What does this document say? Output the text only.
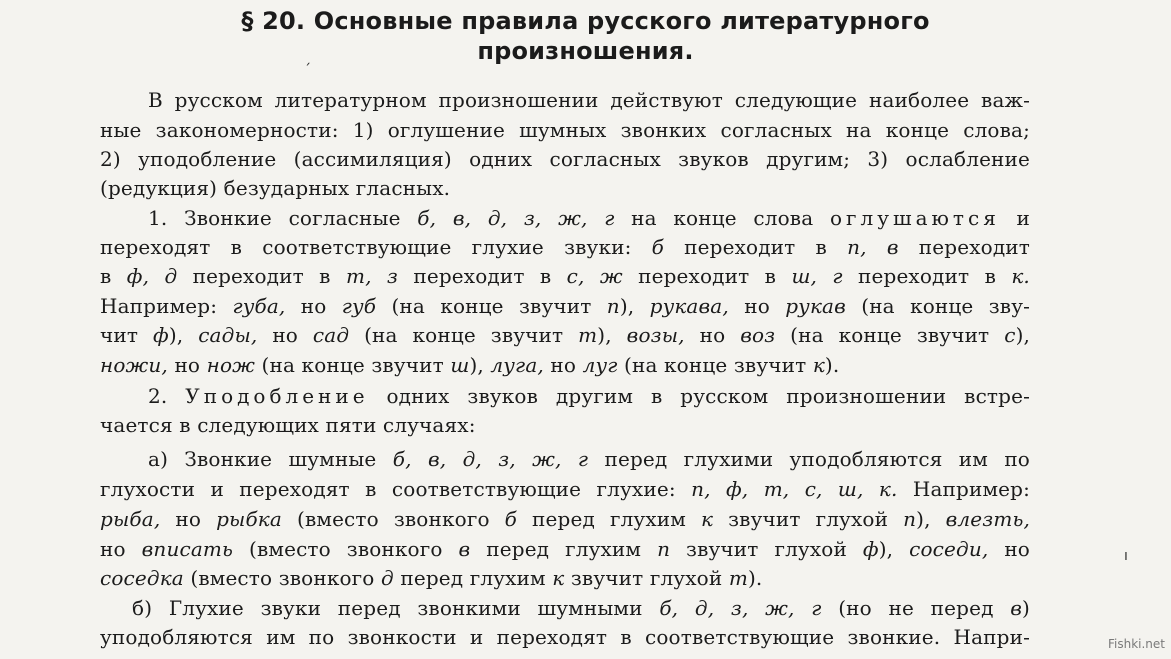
§ 20. Основные правила русского литературного
произношения.
В русском литературном произношении действуют следующие наиболее важ-
ные закономерности: 1) оглушение шумных звонких согласных на конце слова;
2) уподобление (ассимиляция) одних согласных звуков другим; 3) ослабление
(редукция) безударных гласных.
1. Звонкие согласные б, в, д, з, ж, г на конце слова оглушаются и
переходят в соответствующие глухие звуки: б переходит в п, в переходит
в ф, д переходит в т, з переходит в с, ж переходит в ш, г переходит в к.
Например: губа, но губ (на конце звучит п), рукава, но рукав (на конце зву-
чит ф), сады, но сад (на конце звучит т), возы, но воз (на конце звучит с),
ножи, но нож (на конце звучит ш), луга, но луг (на конце звучит к).
2. Уподобление одних звуков другим в русском произношении встре-
чается в следующих пяти случаях:
а) Звонкие шумные б, в, д, з, ж, г перед глухими уподобляются им по
глухости и переходят в соответствующие глухие: п, ф, т, с, ш, к. Например:
рыба, но рыбка (вместо звонкого б перед глухим к звучит глухой п), влезть,
но вписать (вместо звонкого в перед глухим п звучит глухой ф), соседи, но
соседка (вместо звонкого д перед глухим к звучит глухой т).
б) Глухие звуки перед звонкими шумными б, д, з, ж, г (но не перед в)
уподобляются им по звонкости и переходят в соответствующие звонкие. Напри-
ˏ
ı
Fishki.net
